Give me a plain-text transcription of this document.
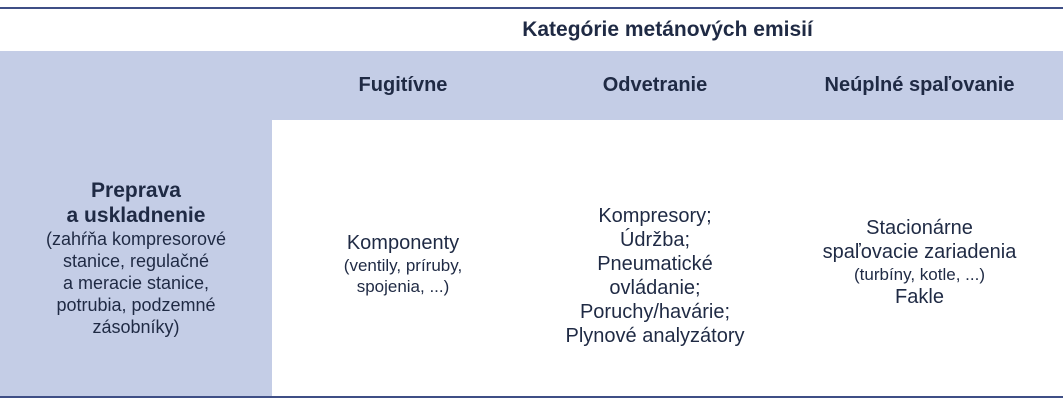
Kategórie metánových emisií
Fugitívne	Odvetranie	Neúplné spaľovanie
Preprava
a uskladnenie
(zahŕňa kompresorové
stanice, regulačné
a meracie stanice,
potrubia, podzemné
zásobníky)
Komponenty
(ventily, príruby,
spojenia, ...)
Kompresory;
Údržba;
Pneumatické
ovládanie;
Poruchy/havárie;
Plynové analyzátory
Stacionárne
spaľovacie zariadenia
(turbíny, kotle, ...)
Fakle
